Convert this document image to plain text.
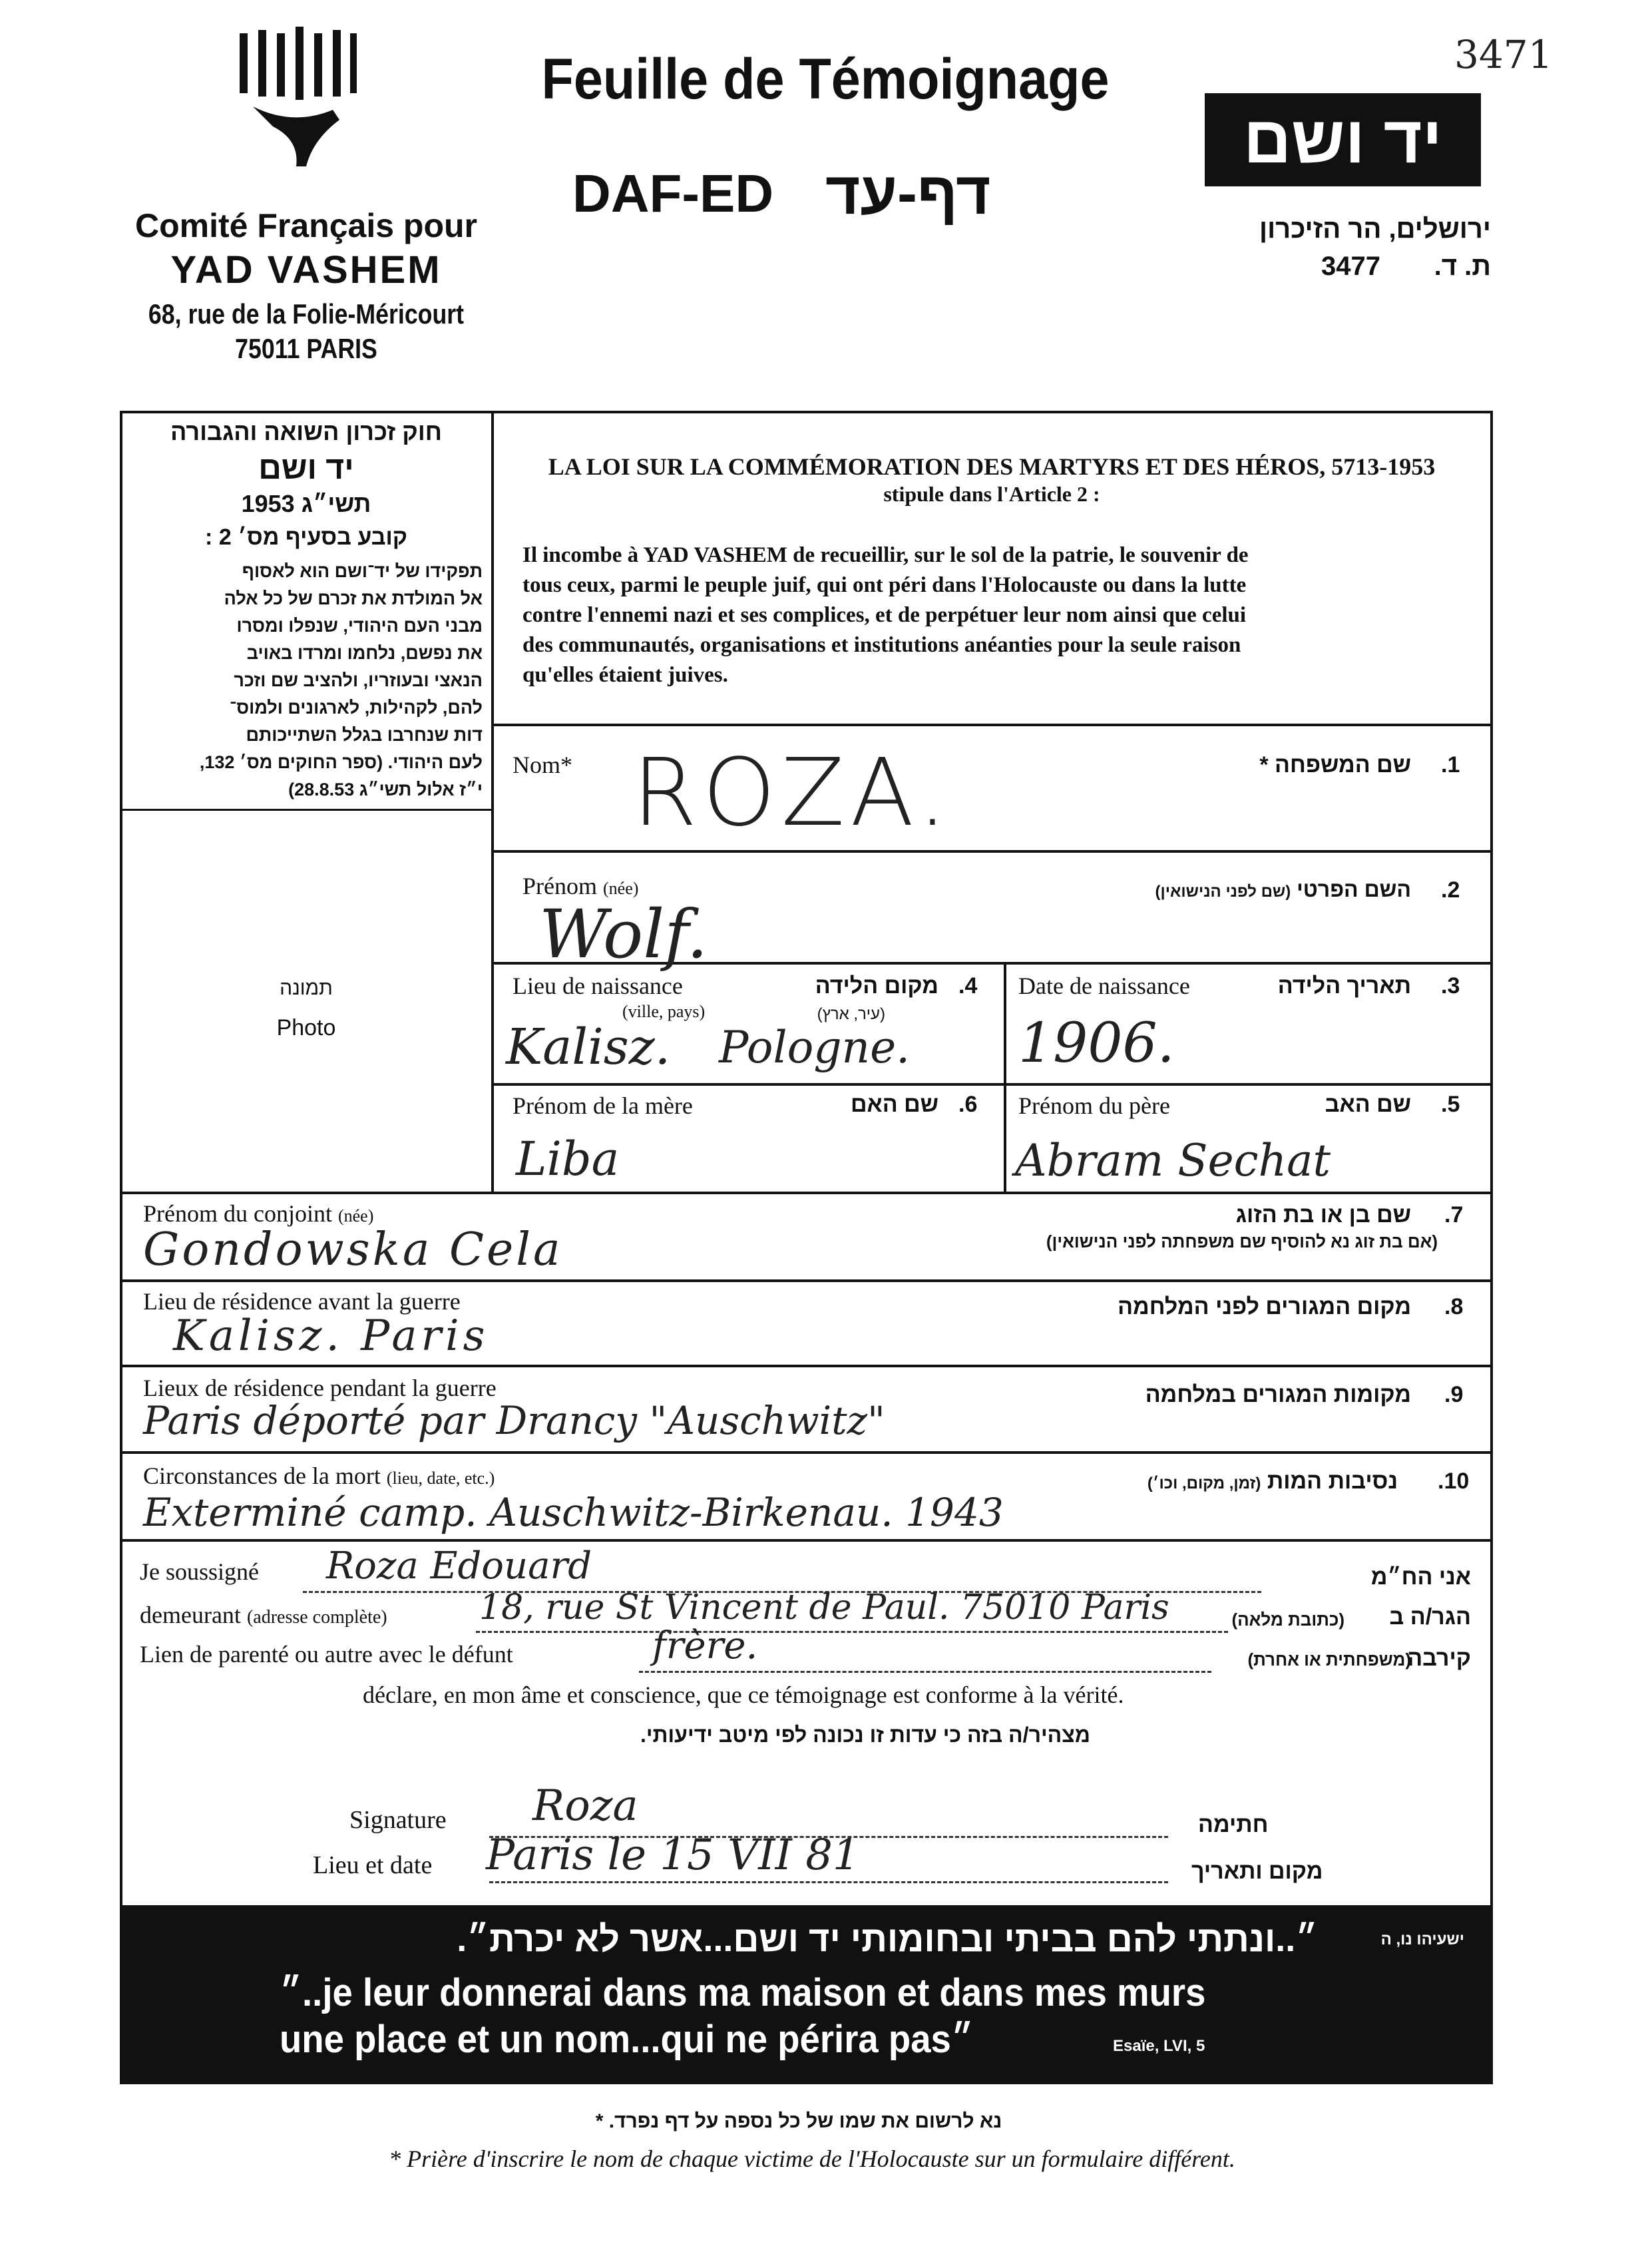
3471
Comité Français pour
YAD VASHEM
68, rue de la Folie-Méricourt
75011 PARIS
Feuille de Témoignage
DAF-ED דף-עד
יד ושם
ירושלים, הר הזיכרון
ת. ד.
3477
חוק זכרון השואה והגבורה
יד ושם
תשי״ג 1953
קובע בסעיף מס׳ 2 :
תפקידו של יד־ושם הוא לאסוף
אל המולדת את זכרם של כל אלה
מבני העם היהודי, שנפלו ומסרו
את נפשם, נלחמו ומרדו באויב
הנאצי ובעוזריו, ולהציב שם וזכר
להם, לקהילות, לארגונים ולמוס־
דות שנחרבו בגלל השתייכותם
לעם היהודי. (ספר החוקים מס׳ 132,
י״ז אלול תשי״ג 28.8.53)
תמונה
Photo
LA LOI SUR LA COMMÉMORATION DES MARTYRS ET DES HÉROS, 5713-1953
stipule dans l'Article 2 :
Il incombe à YAD VASHEM de recueillir, sur le sol de la patrie, le souvenir de
tous ceux, parmi le peuple juif, qui ont péri dans l'Holocauste ou dans la lutte
contre l'ennemi nazi et ses complices, et de perpétuer leur nom ainsi que celui
des communautés, organisations et institutions anéanties pour la seule raison
qu'elles étaient juives.
Nom*	שם המשפחה * .1
ROZA.
Prénom (née)	השם הפרטי (שם לפני הנישואין)	.2
Wolf.
Lieu de naissance
(ville, pays)
מקום הלידה
(עיר, ארץ)
.4
Kalisz. Pologne.
Date de naissance	תאריך הלידה .3
1906.
Prénom de la mère	שם האם .6
Liba
Prénom du père	שם האב .5
Abram Sechat
Prénom du conjoint (née)	שם בן או בת הזוג
(אם בת זוג נא להוסיף שם משפחתה לפני הנישואין)
.7
Gondowska Cela
Lieu de résidence avant la guerre	מקום המגורים לפני המלחמה .8
Kalisz. Paris
Lieux de résidence pendant la guerre	מקומות המגורים במלחמה .9
Paris déporté par Drancy "Auschwitz"
Circonstances de la mort (lieu, date, etc.)	נסיבות המות (זמן, מקום, וכו׳)	.10
Exterminé camp. Auschwitz-Birkenau. 1943
Je soussigné Roza Edouard	אני הח״מ
demeurant (adresse complète)	18, rue St Vincent de Paul. 75010 Paris	(כתובת מלאה)	הגר/ה ב
Lien de parenté ou autre avec le défunt	frère.	(משפחתית או אחרת)
קירבה
déclare, en mon âme et conscience, que ce témoignage est conforme à la vérité.
מצהיר/ה בזה כי עדות זו נכונה לפי מיטב ידיעותי.
Signature Roza	חתימה
Lieu et date Paris le 15 VII 81	מקום ותאריך
ישעיהו נו, ה
״..ונתתי להם בביתי ובחומותי יד ושם...אשר לא יכרת״.
״..je leur donnerai dans ma maison et dans mes murs
une place et un nom...qui ne périra pas״	Esaïe, LVI, 5
נא לרשום את שמו של כל נספה על דף נפרד. *
* Prière d'inscrire le nom de chaque victime de l'Holocauste sur un formulaire différent.
